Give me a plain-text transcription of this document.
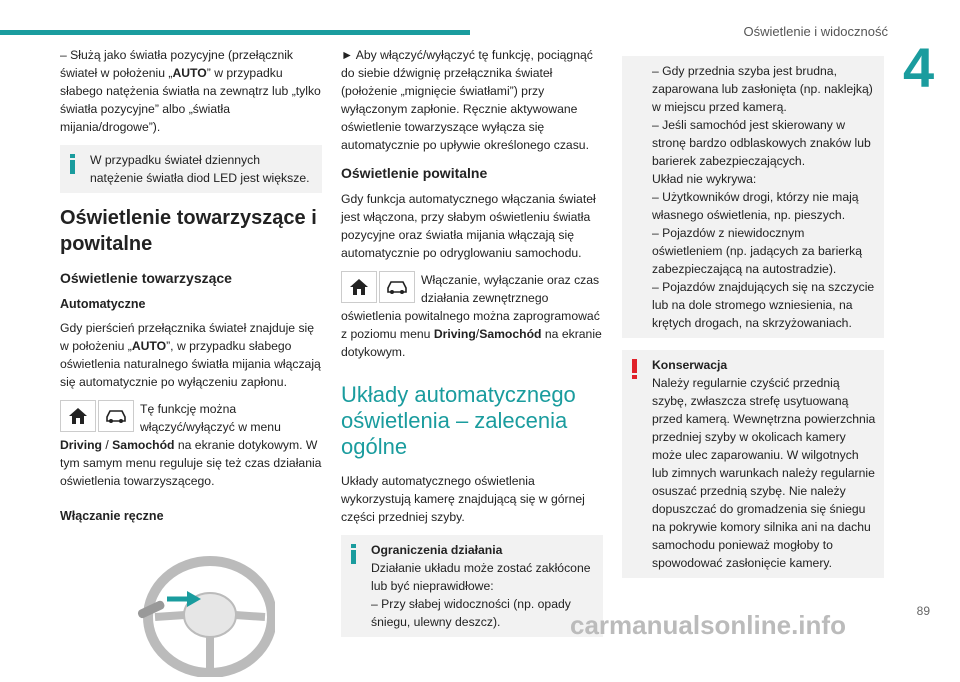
Oświetlenie i widoczność
4

– Służą jako światła pozycyjne (przełącznik świateł w położeniu „AUTO” w przypadku słabego natężenia światła na zewnątrz lub „tylko światła pozycyjne” albo „światła mijania/drogowe”).

W przypadku świateł dziennych natężenie światła diod LED jest większe.
Oświetlenie towarzyszące i powitalne
Oświetlenie towarzyszące
Automatyczne

Gdy pierścień przełącznika świateł znajduje się w położeniu „AUTO”, w przypadku słabego oświetlenia naturalnego światła mijania włączają się automatycznie po wyłączeniu zapłonu.

Tę funkcję można włączyć/wyłączyć w menu Driving / Samochód na ekranie dotykowym. W tym samym menu reguluje się też czas działania oświetlenia towarzyszącego.

Włączanie ręczne

► Aby włączyć/wyłączyć tę funkcję, pociągnąć do siebie dźwignię przełącznika świateł (położenie „mignięcie światłami”) przy wyłączonym zapłonie. Ręcznie aktywowane oświetlenie towarzyszące wyłącza się automatycznie po upływie określonego czasu.

Oświetlenie powitalne

Gdy funkcja automatycznego włączania świateł jest włączona, przy słabym oświetleniu światła pozycyjne oraz światła mijania włączają się automatycznie po odryglowaniu samochodu.

Włączanie, wyłączanie oraz czas działania zewnętrznego oświetlenia powitalnego można zaprogramować z poziomu menu Driving/Samochód na ekranie dotykowym.

Układy automatycznego oświetlenia – zalecenia ogólne

Układy automatycznego oświetlenia wykorzystują kamerę znajdującą się w górnej części przedniej szyby.

Ograniczenia działania
Działanie układu może zostać zakłócone lub być nieprawidłowe:
– Przy słabej widoczności (np. opady śniegu, ulewny deszcz).
– Gdy przednia szyba jest brudna, zaparowana lub zasłonięta (np. naklejką) w miejscu przed kamerą.
– Jeśli samochód jest skierowany w stronę bardzo odblaskowych znaków lub barierek zabezpieczających.
Układ nie wykrywa:
– Użytkowników drogi, którzy nie mają własnego oświetlenia, np. pieszych.
– Pojazdów z niewidocznym oświetleniem (np. jadących za barierką zabezpieczającą na autostradzie).
– Pojazdów znajdujących się na szczycie lub na dole stromego wzniesienia, na krętych drogach, na skrzyżowaniach.
Konserwacja
Należy regularnie czyścić przednią szybę, zwłaszcza strefę usytuowaną przed kamerą. Wewnętrzna powierzchnia przedniej szyby w okolicach kamery może ulec zaparowaniu. W wilgotnych lub zimnych warunkach należy regularnie osuszać przednią szybę. Nie należy dopuszczać do gromadzenia się śniegu na pokrywie komory silnika ani na dachu samochodu ponieważ mogłoby to spowodować zasłonięcie kamery.
89
carmanualsonline.info
